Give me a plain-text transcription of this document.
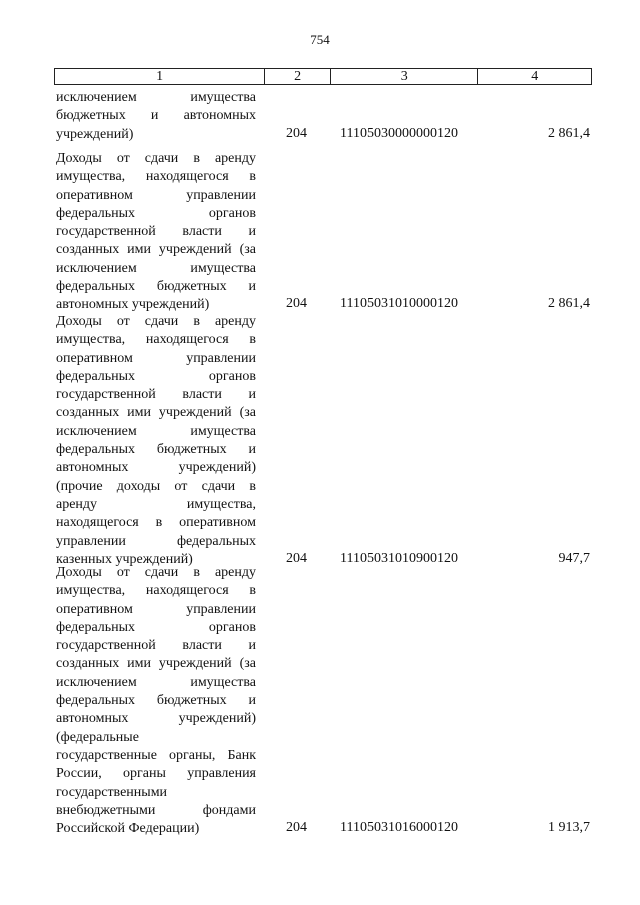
754
1	2	3	4
исключением имущества
бюджетных и автономных
учреждений)	204 11105030000000120	2 861,4
Доходы от сдачи в аренду
имущества, находящегося в
оперативном управлении
федеральных органов
государственной власти и
созданных ими учреждений (за
исключением имущества
федеральных бюджетных и
автономных учреждений)	204 11105031010000120	2 861,4
Доходы от сдачи в аренду
имущества, находящегося в
оперативном управлении
федеральных органов
государственной власти и
созданных ими учреждений (за
исключением имущества
федеральных бюджетных и
автономных учреждений)
(прочие доходы от сдачи в
аренду имущества,
находящегося в оперативном
управлении федеральных
казенных учреждений)	204 11105031010900120	947,7
Доходы от сдачи в аренду
имущества, находящегося в
оперативном управлении
федеральных органов
государственной власти и
созданных ими учреждений (за
исключением имущества
федеральных бюджетных и
автономных учреждений)
(федеральные
государственные органы, Банк
России, органы управления
государственными
внебюджетными фондами
Российской Федерации)	204 11105031016000120	1 913,7
